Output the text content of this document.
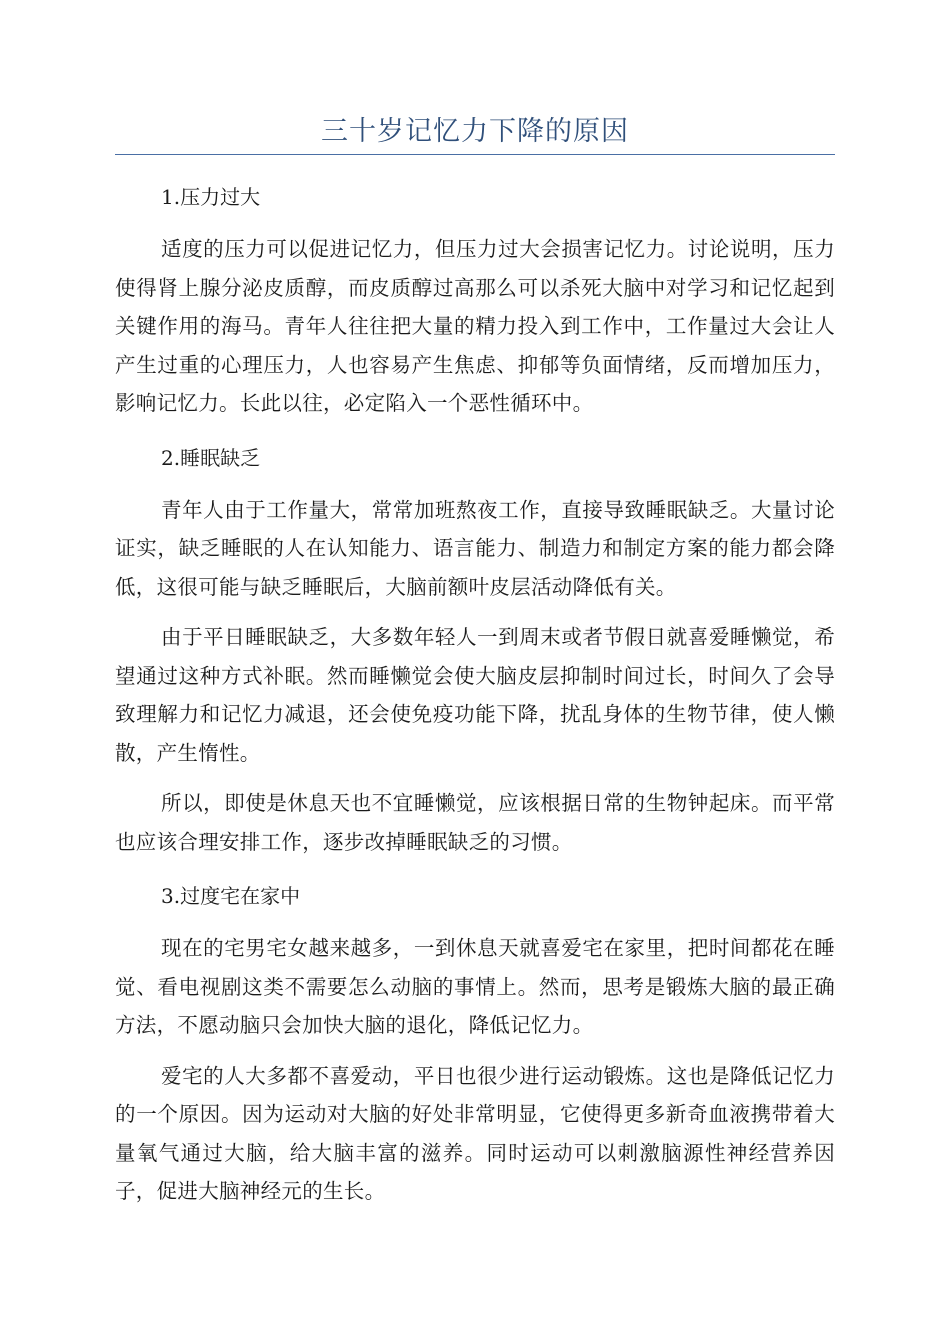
三十岁记忆力下降的原因
1.压力过大

适度的压力可以促进记忆力，但压力过大会损害记忆力。讨论说明，压力使得肾上腺分泌皮质醇，而皮质醇过高那么可以杀死大脑中对学习和记忆起到关键作用的海马。青年人往往把大量的精力投入到工作中，工作量过大会让人产生过重的心理压力，人也容易产生焦虑、抑郁等负面情绪，反而增加压力，影响记忆力。长此以往，必定陷入一个恶性循环中。

2.睡眠缺乏

青年人由于工作量大，常常加班熬夜工作，直接导致睡眠缺乏。大量讨论证实，缺乏睡眠的人在认知能力、语言能力、制造力和制定方案的能力都会降低，这很可能与缺乏睡眠后，大脑前额叶皮层活动降低有关。

由于平日睡眠缺乏，大多数年轻人一到周末或者节假日就喜爱睡懒觉，希望通过这种方式补眠。然而睡懒觉会使大脑皮层抑制时间过长，时间久了会导致理解力和记忆力减退，还会使免疫功能下降，扰乱身体的生物节律，使人懒散，产生惰性。

所以，即使是休息天也不宜睡懒觉，应该根据日常的生物钟起床。而平常也应该合理安排工作，逐步改掉睡眠缺乏的习惯。

3.过度宅在家中

现在的宅男宅女越来越多，一到休息天就喜爱宅在家里，把时间都花在睡觉、看电视剧这类不需要怎么动脑的事情上。然而，思考是锻炼大脑的最正确方法，不愿动脑只会加快大脑的退化，降低记忆力。

爱宅的人大多都不喜爱动，平日也很少进行运动锻炼。这也是降低记忆力的一个原因。因为运动对大脑的好处非常明显，它使得更多新奇血液携带着大量氧气通过大脑，给大脑丰富的滋养。同时运动可以刺激脑源性神经营养因子，促进大脑神经元的生长。
